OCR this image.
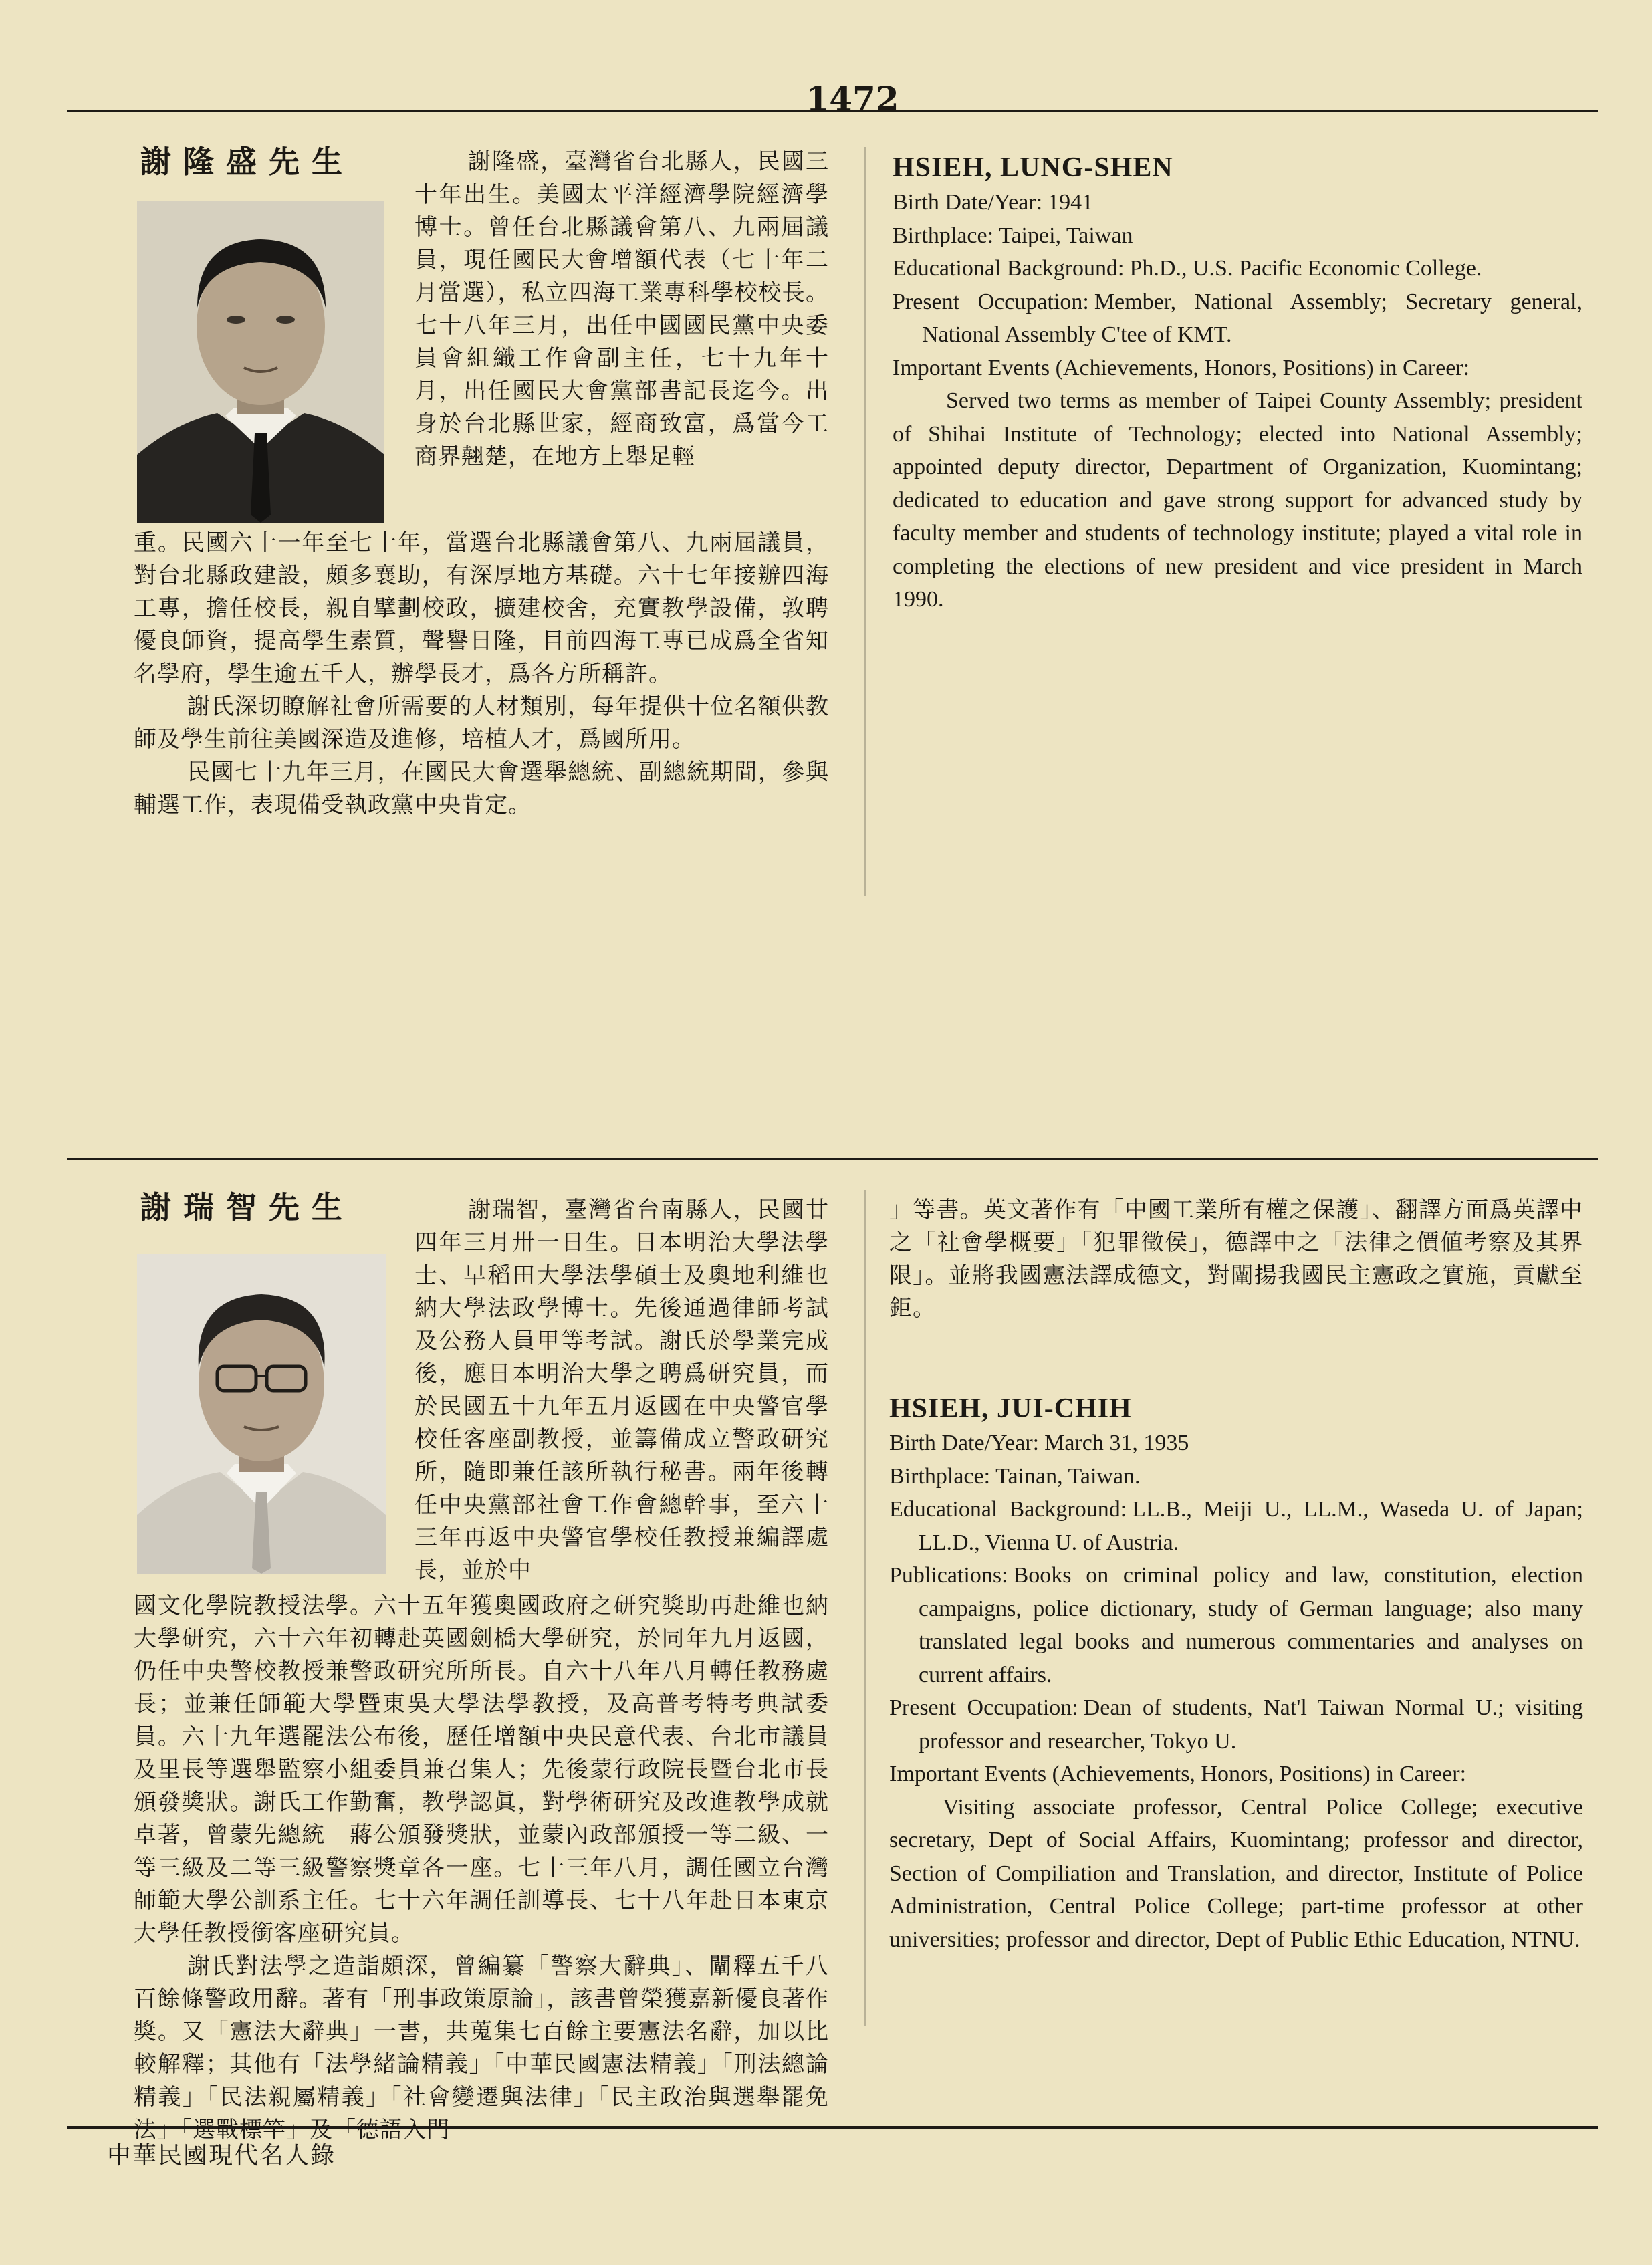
1472
謝隆盛先生	謝隆盛，臺灣省台北縣人，民國三十年出生。美國太平洋經濟學院經濟學博士。曾任台北縣議會第八、九兩屆議員，現任國民大會增額代表（七十年二月當選），私立四海工業專科學校校長。七十八年三月，出任中國國民黨中央委員會組織工作會副主任，七十九年十月，出任國民大會黨部書記長迄今。出身於台北縣世家，經商致富，爲當今工商界翹楚，在地方上舉足輕

重。民國六十一年至七十年，當選台北縣議會第八、九兩屆議員，對台北縣政建設，頗多襄助，有深厚地方基礎。六十七年接辦四海工專，擔任校長，親自擘劃校政，擴建校舍，充實教學設備，敦聘優良師資，提高學生素質，聲譽日隆，目前四海工專已成爲全省知名學府，學生逾五千人，辦學長才，爲各方所稱許。

謝氏深切瞭解社會所需要的人材類別，每年提供十位名額供教師及學生前往美國深造及進修，培植人才，爲國所用。

民國七十九年三月，在國民大會選舉總統、副總統期間，參與輔選工作，表現備受執政黨中央肯定。

HSIEH, LUNG-SHEN

Birth Date/Year: 1941

Birthplace: Taipei, Taiwan

Educational Background: Ph.D., U.S. Pacific Economic College.

Present Occupation: Member, National Assembly; Secretary general, National Assembly C'tee of KMT.

Important Events (Achievements, Honors, Positions) in Career:

Served two terms as member of Taipei County Assembly; president of Shihai Institute of Technology; elected into National Assembly; appointed deputy director, Department of Organization, Kuomintang; dedicated to education and gave strong support for advanced study by faculty member and students of technology institute; played a vital role in completing the elections of new president and vice president in March 1990.

謝瑞智先生	謝瑞智，臺灣省台南縣人，民國廿四年三月卅一日生。日本明治大學法學士、早稻田大學法學碩士及奧地利維也納大學法政學博士。先後通過律師考試及公務人員甲等考試。謝氏於學業完成後，應日本明治大學之聘爲研究員，而於民國五十九年五月返國在中央警官學校任客座副教授，並籌備成立警政研究所，隨即兼任該所執行秘書。兩年後轉任中央黨部社會工作會總幹事，至六十三年再返中央警官學校任教授兼編譯處長，並於中

國文化學院教授法學。六十五年獲奧國政府之研究獎助再赴維也納大學研究，六十六年初轉赴英國劍橋大學研究，於同年九月返國，仍任中央警校教授兼警政研究所所長。自六十八年八月轉任教務處長；並兼任師範大學暨東吳大學法學教授，及高普考特考典試委員。六十九年選罷法公布後，歷任增額中央民意代表、台北市議員及里長等選舉監察小組委員兼召集人；先後蒙行政院長暨台北市長頒發獎狀。謝氏工作勤奮，教學認眞，對學術研究及改進教學成就卓著，曾蒙先總統　蔣公頒發獎狀，並蒙內政部頒授一等二級、一等三級及二等三級警察獎章各一座。七十三年八月，調任國立台灣師範大學公訓系主任。七十六年調任訓導長、七十八年赴日本東京大學任教授銜客座研究員。

謝氏對法學之造詣頗深，曾編纂「警察大辭典」、闡釋五千八百餘條警政用辭。著有「刑事政策原論」，該書曾榮獲嘉新優良著作獎。又「憲法大辭典」一書，共蒐集七百餘主要憲法名辭，加以比較解釋；其他有「法學緒論精義」「中華民國憲法精義」「刑法總論精義」「民法親屬精義」「社會變遷與法律」「民主政治與選舉罷免法」「選戰標竿」及「德語入門

」等書。英文著作有「中國工業所有權之保護」、翻譯方面爲英譯中之「社會學概要」「犯罪徵侯」，德譯中之「法律之價値考察及其界限」。並將我國憲法譯成德文，對闡揚我國民主憲政之實施，貢獻至鉅。

HSIEH, JUI-CHIH

Birth Date/Year: March 31, 1935

Birthplace: Tainan, Taiwan.

Educational Background: LL.B., Meiji U., LL.M., Waseda U. of Japan; LL.D., Vienna U. of Austria.

Publications: Books on criminal policy and law, constitution, election campaigns, police dictionary, study of German language; also many translated legal books and numerous commentaries and analyses on current affairs.

Present Occupation: Dean of students, Nat'l Taiwan Normal U.; visiting professor and researcher, Tokyo U.

Important Events (Achievements, Honors, Positions) in Career:

Visiting associate professor, Central Police College; executive secretary, Dept of Social Affairs, Kuomintang; professor and director, Section of Compiliation and Translation, and director, Institute of Police Administration, Central Police College; part-time professor at other universities; professor and director, Dept of Public Ethic Education, NTNU.

中華民國現代名人錄
